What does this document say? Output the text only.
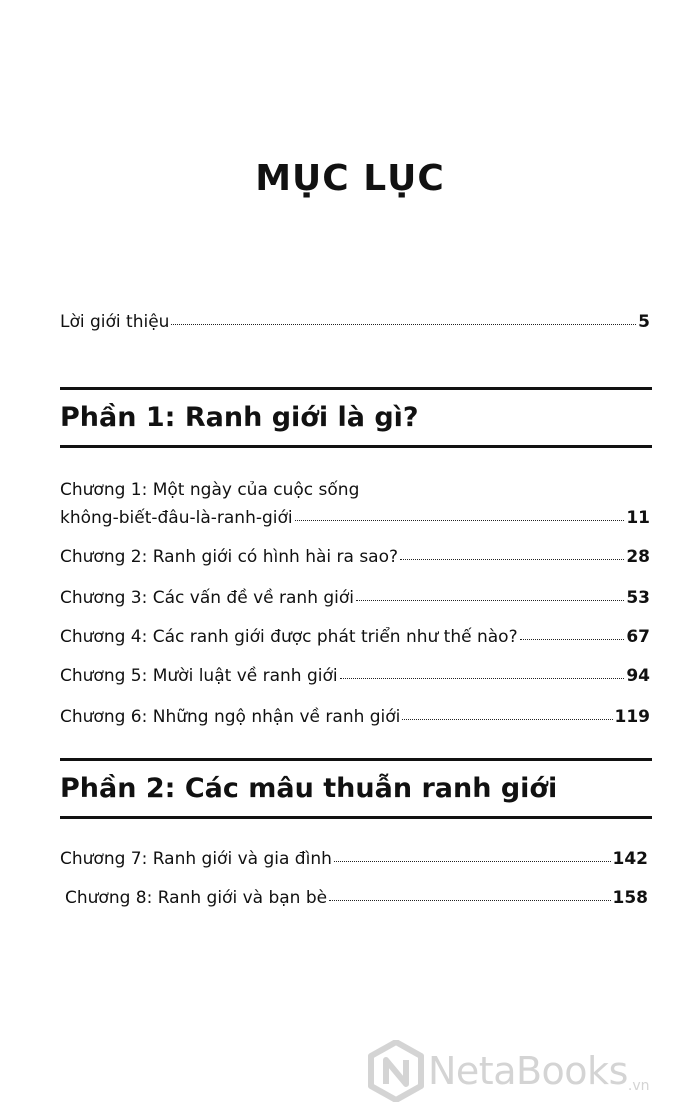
MỤC LỤC
Lời giới thiệu	5
Phần 1: Ranh giới là gì?
Chương 1: Một ngày của cuộc sống
không-biết-đâu-là-ranh-giới	11
Chương 2: Ranh giới có hình hài ra sao?	28
Chương 3: Các vấn đề về ranh giới	53
Chương 4: Các ranh giới được phát triển như thế nào?	67
Chương 5: Mười luật về ranh giới	94
Chương 6: Những ngộ nhận về ranh giới	119
Phần 2: Các mâu thuẫn ranh giới
Chương 7: Ranh giới và gia đình	142
Chương 8: Ranh giới và bạn bè	158
NetaBooks .vn
